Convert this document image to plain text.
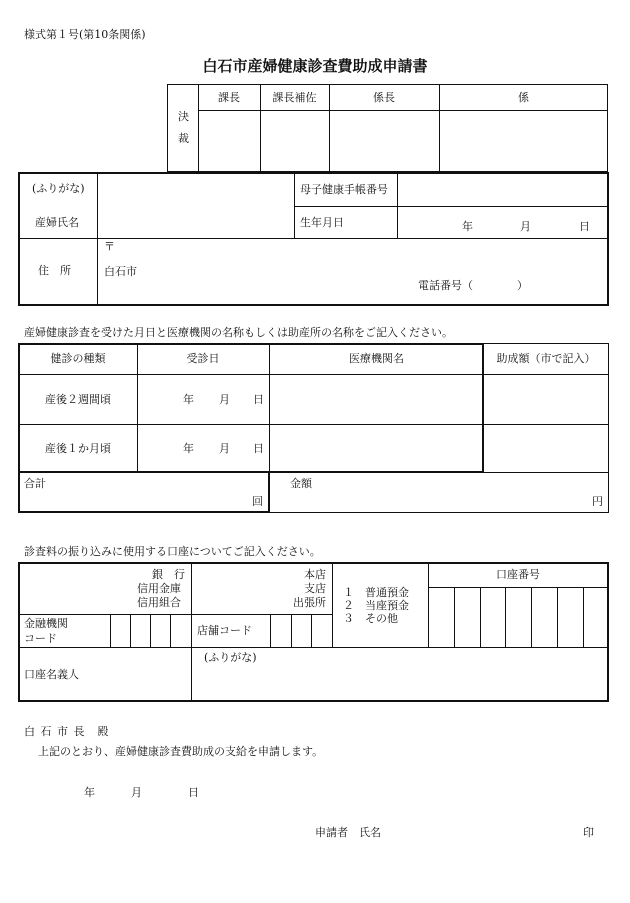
様式第１号(第10条関係)
白石市産婦健康診査費助成申請書
決
裁
課長	課長補佐	係長	係
(ふりがな)
産婦氏名
母子健康手帳番号
生年月日	年	月	日
住　所
〒
白石市
電話番号（　　　　）
産婦健康診査を受けた月日と医療機関の名称もしくは助産所の名称をご記入ください。
健診の種類	受診日	医療機関名	助成額（市で記入）
産後２週間頃	年 月 日
産後１か月頃	年 月 日
合計
回
金額
円
診査料の振り込みに使用する口座についてご記入ください。
銀　行
信用金庫
信用組合
本店
支店
出張所
１　普通預金
２　当座預金
３　その他
口座番号
金融機関
コード
店舗コード
口座名義人
(ふりがな)
白 石 市 長　殿
上記のとおり、産婦健康診査費助成の支給を申請します。
年	月	日
申請者　氏名	印
